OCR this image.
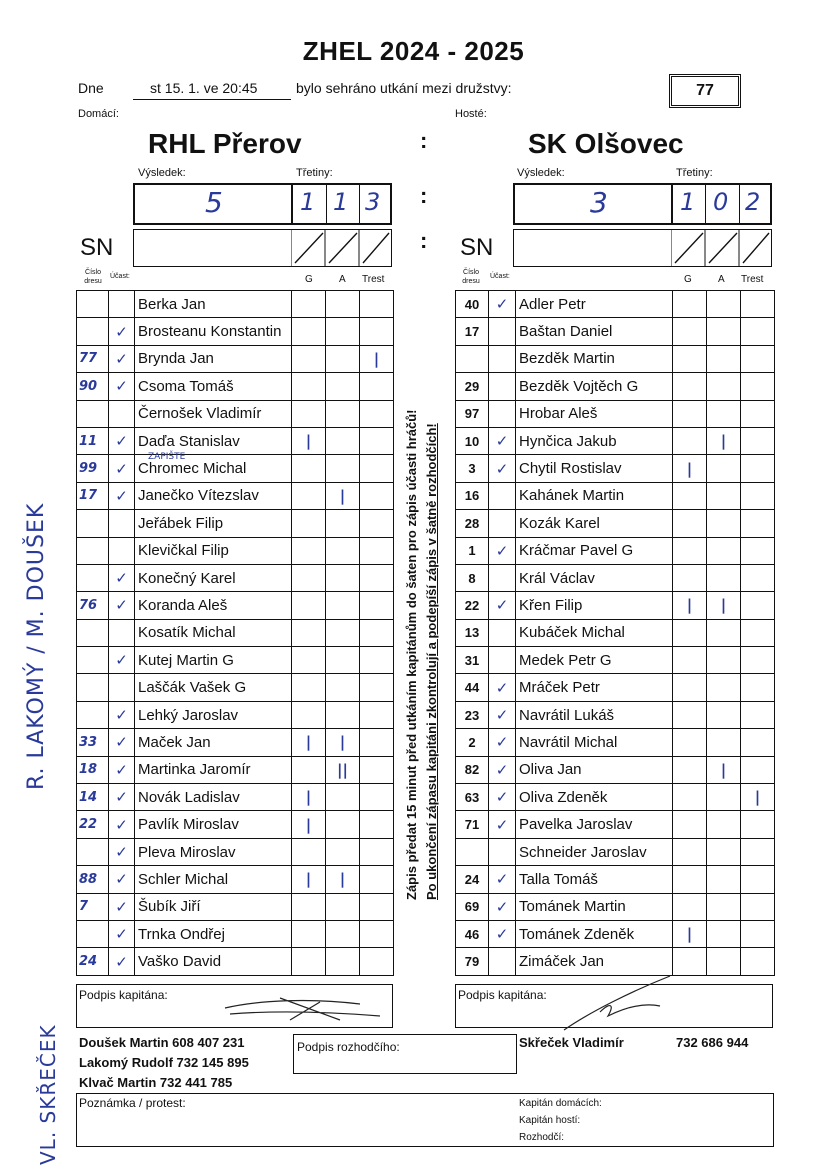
ZHEL 2024 - 2025
Dne	st 15. 1. ve 20:45	bylo sehráno utkání mezi družstvy:	77
Domácí:	Hosté:
RHL Přerov	SK Olšovec
:
:
:
Výsledek:	Třetiny:
5	1 1 3
Výsledek:	Třetiny:
3	1 0 2
SN	SN
Číslo dresu
Účast:	G	A Trest
Číslo dresu
Účast:	G	A Trest
		Berka Jan			
	✓	Brosteanu Konstantin			
77	✓	Brynda Jan			|
90	✓	Csoma Tomáš			
		Černošek Vladimír			
11	✓	Daďa Stanislav	|		
99	✓	Chromec Michal			
17	✓	Janečko Vítezslav		|	
		Jeřábek Filip			
		Klevičkal Filip			
	✓	Konečný Karel			
76	✓	Koranda Aleš			
		Kosatík Michal			
	✓	Kutej Martin G			
		Laščák Vašek G			
	✓	Lehký Jaroslav			
33	✓	Maček Jan	|	|	
18	✓	Martinka Jaromír		||	
14	✓	Novák Ladislav	|		
22	✓	Pavlík Miroslav	|		
	✓	Pleva Miroslav			
88	✓	Schler Michal	|	|	
7	✓	Šubík Jiří			
	✓	Trnka Ondřej			
24	✓	Vaško David			
40	✓	Adler Petr			
17		Baštan Daniel			
		Bezděk Martin			
29		Bezděk Vojtěch G			
97		Hrobar Aleš			
10	✓	Hynčica Jakub		|	
3	✓	Chytil Rostislav	|		
16		Kahánek Martin			
28		Kozák Karel			
1	✓	Kráčmar Pavel G			
8		Král Václav			
22	✓	Křen Filip	|	|	
13		Kubáček Michal			
31		Medek Petr G			
44	✓	Mráček Petr			
23	✓	Navrátil Lukáš			
2	✓	Navrátil Michal			
82	✓	Oliva Jan		|	
63	✓	Oliva Zdeněk			|
71	✓	Pavelka Jaroslav			
		Schneider Jaroslav			
24	✓	Talla Tomáš			
69	✓	Tománek Martin			
46	✓	Tománek Zdeněk	|		
79		Zimáček Jan			
Zápis předat 15 minut před utkáním kapitánům do šaten pro zápis účasti hráčů! Po ukončení zápasu kapitáni zkontrolují a podepíší zápis v šatně rozhodčích!
R. LAKOMÝ / M. DOUŠEK
VL. SKŘEČEK
ZAPIŠTE
Podpis kapitána:	Podpis kapitána:
Doušek Martin 608 407 231
Lakomý Rudolf 732 145 895
Klvač Martin 732 441 785
Podpis rozhodčího:	Skřeček Vladimír	732 686 944
Poznámka / protest:	Kapitán domácích:
Kapitán hostí:
Rozhodčí:
